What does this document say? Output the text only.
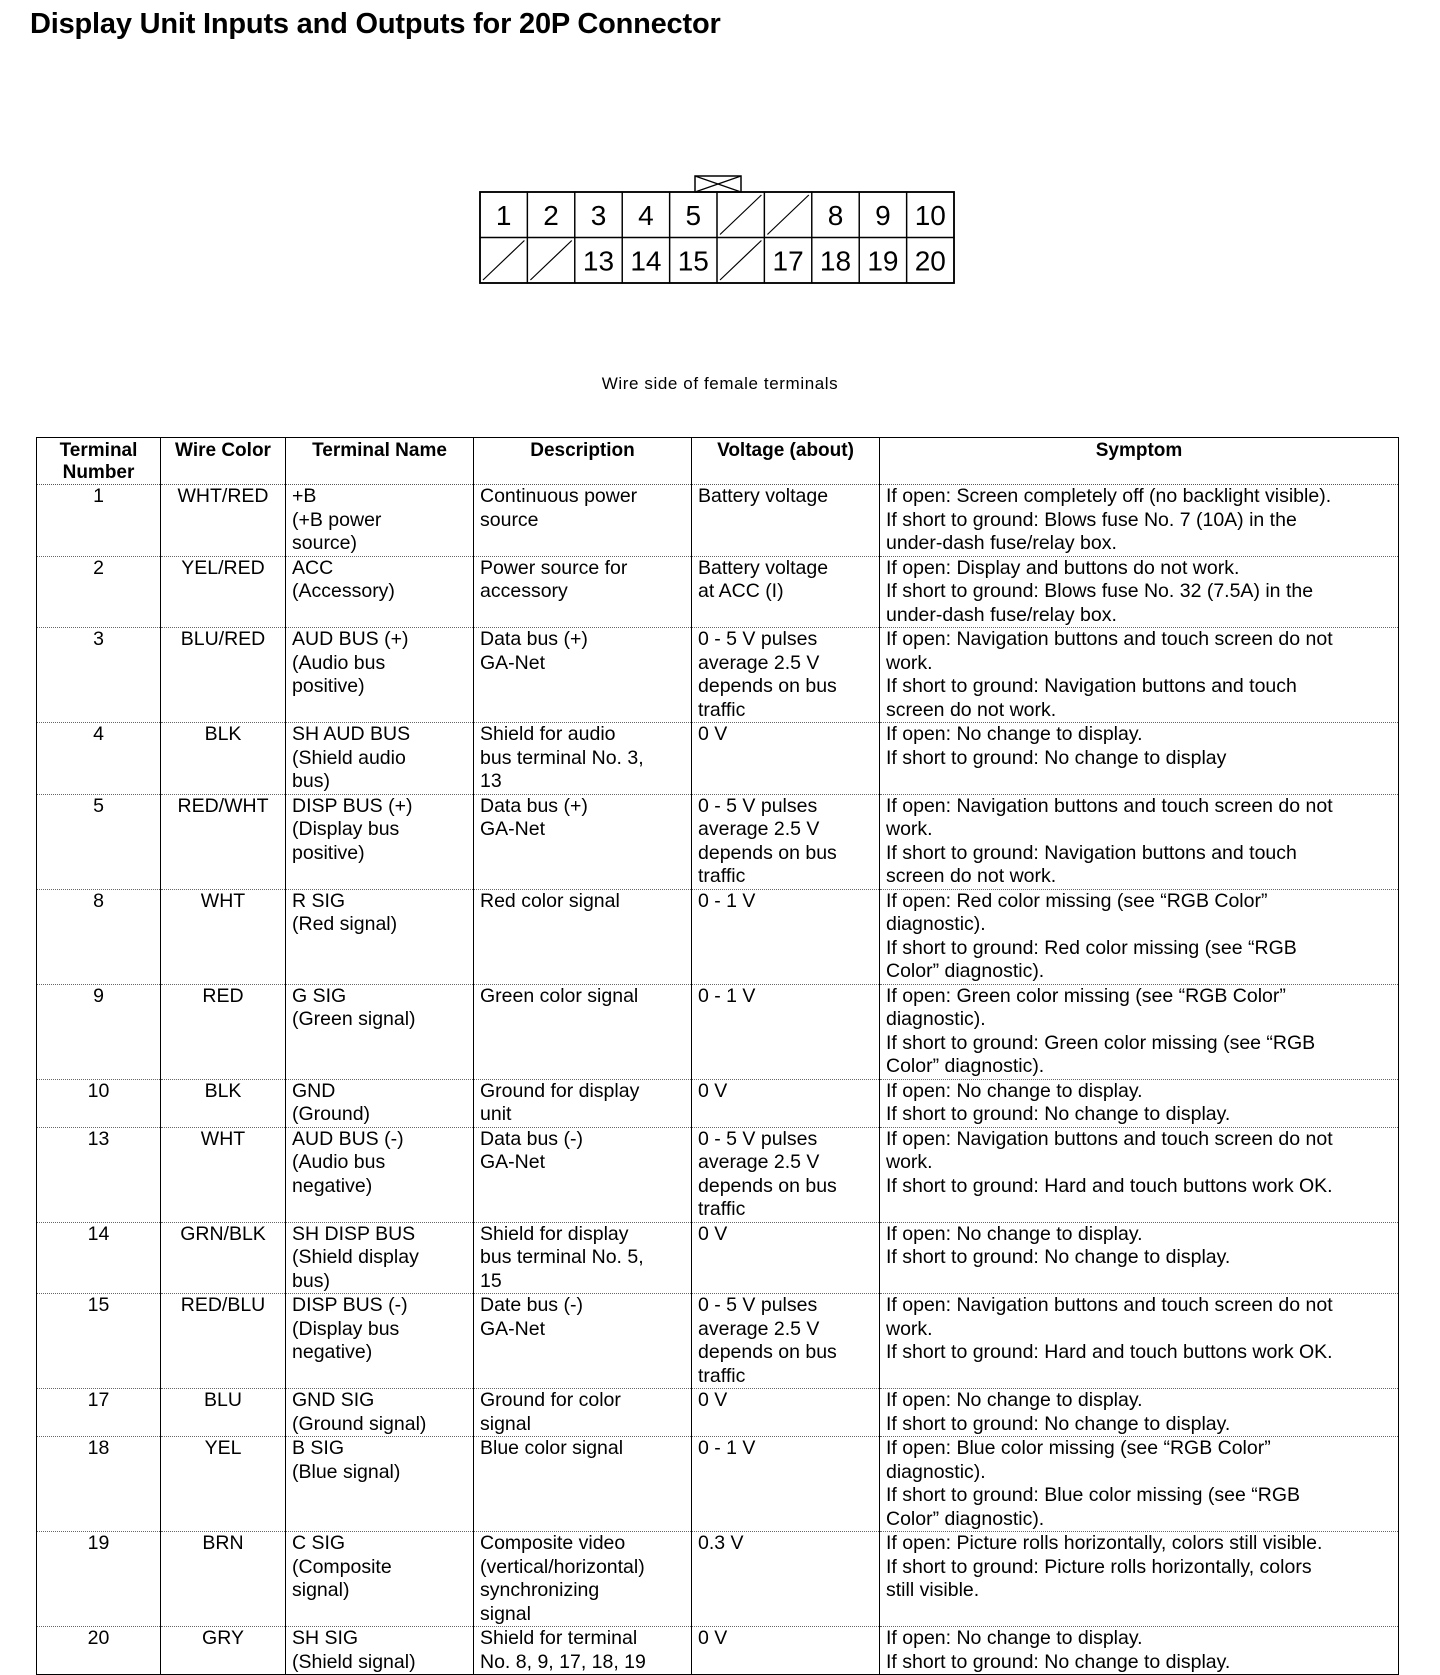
Display Unit Inputs and Outputs for 20P Connector
1 2 3 4 5	8 9 10
13 14 15 17 18 19 20
Wire side of female terminals
Terminal
Number	Wire Color	Terminal Name	Description	Voltage (about)	Symptom
1	WHT/RED	+B
(+B power
source)	Continuous power
source	Battery voltage	If open: Screen completely off (no backlight visible).
If short to ground: Blows fuse No. 7 (10A) in the
under-dash fuse/relay box.

2	YEL/RED	ACC
(Accessory)	Power source for
accessory	Battery voltage
at ACC (I)	If open: Display and buttons do not work.
If short to ground: Blows fuse No. 32 (7.5A) in the
under-dash fuse/relay box.

3	BLU/RED	AUD BUS (+)
(Audio bus
positive)	Data bus (+)
GA-Net	0 - 5 V pulses
average 2.5 V
depends on bus
traffic	If open: Navigation buttons and touch screen do not
work.
If short to ground: Navigation buttons and touch
screen do not work.

4	BLK	SH AUD BUS
(Shield audio
bus)	Shield for audio
bus terminal No. 3,
13	0 V	If open: No change to display.
If short to ground: No change to display

5	RED/WHT	DISP BUS (+)
(Display bus
positive)	Data bus (+)
GA-Net	0 - 5 V pulses
average 2.5 V
depends on bus
traffic	If open: Navigation buttons and touch screen do not
work.
If short to ground: Navigation buttons and touch
screen do not work.

8	WHT	R SIG
(Red signal)	Red color signal	0 - 1 V	If open: Red color missing (see “RGB Color”
diagnostic).
If short to ground: Red color missing (see “RGB
Color” diagnostic).

9	RED	G SIG
(Green signal)	Green color signal	0 - 1 V	If open: Green color missing (see “RGB Color”
diagnostic).
If short to ground: Green color missing (see “RGB
Color” diagnostic).

10	BLK	GND
(Ground)	Ground for display
unit	0 V	If open: No change to display.
If short to ground: No change to display.

13	WHT	AUD BUS (-)
(Audio bus
negative)	Data bus (-)
GA-Net	0 - 5 V pulses
average 2.5 V
depends on bus
traffic	If open: Navigation buttons and touch screen do not
work.
If short to ground: Hard and touch buttons work OK.

14	GRN/BLK	SH DISP BUS
(Shield display
bus)	Shield for display
bus terminal No. 5,
15	0 V	If open: No change to display.
If short to ground: No change to display.

15	RED/BLU	DISP BUS (-)
(Display bus
negative)	Date bus (-)
GA-Net	0 - 5 V pulses
average 2.5 V
depends on bus
traffic	If open: Navigation buttons and touch screen do not
work.
If short to ground: Hard and touch buttons work OK.

17	BLU	GND SIG
(Ground signal)	Ground for color
signal	0 V	If open: No change to display.
If short to ground: No change to display.

18	YEL	B SIG
(Blue signal)	Blue color signal	0 - 1 V	If open: Blue color missing (see “RGB Color”
diagnostic).
If short to ground: Blue color missing (see “RGB
Color” diagnostic).

19	BRN	C SIG
(Composite
signal)	Composite video
(vertical/horizontal)
synchronizing
signal	0.3 V	If open: Picture rolls horizontally, colors still visible.
If short to ground: Picture rolls horizontally, colors
still visible.

20	GRY	SH SIG
(Shield signal)	Shield for terminal
No. 8, 9, 17, 18, 19	0 V	If open: No change to display.
If short to ground: No change to display.
